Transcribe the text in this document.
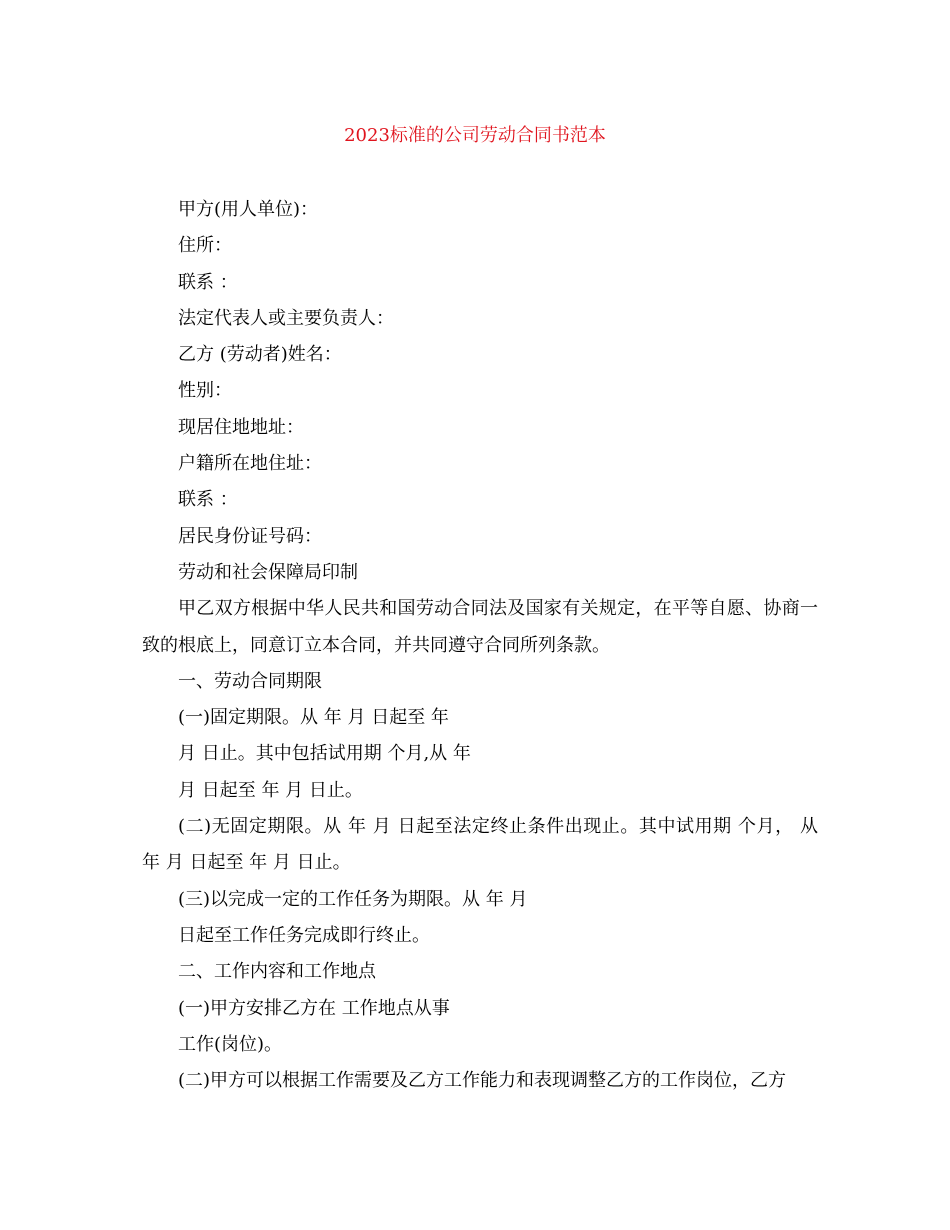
2023标准的公司劳动合同书范本

甲方(用人单位)：

住所：

联系 ：

法定代表人或主要负责人：

乙方 (劳动者)姓名：

性别：

现居住地地址：

户籍所在地住址：

联系 ：

居民身份证号码：

劳动和社会保障局印制

甲乙双方根据中华人民共和国劳动合同法及国家有关规定，在平等自愿、协商一致的根底上，同意订立本合同，并共同遵守合同所列条款。

一、劳动合同期限

(一)固定期限。从 年 月 日起至 年

月 日止。其中包括试用期 个月,从 年

月 日起至 年 月 日止。

(二)无固定期限。从 年 月 日起至法定终止条件出现止。其中试用期 个月， 从 年 月 日起至 年 月 日止。

(三)以完成一定的工作任务为期限。从 年 月

日起至工作任务完成即行终止。

二、工作内容和工作地点

(一)甲方安排乙方在 工作地点从事

工作(岗位)。

(二)甲方可以根据工作需要及乙方工作能力和表现调整乙方的工作岗位，乙方
